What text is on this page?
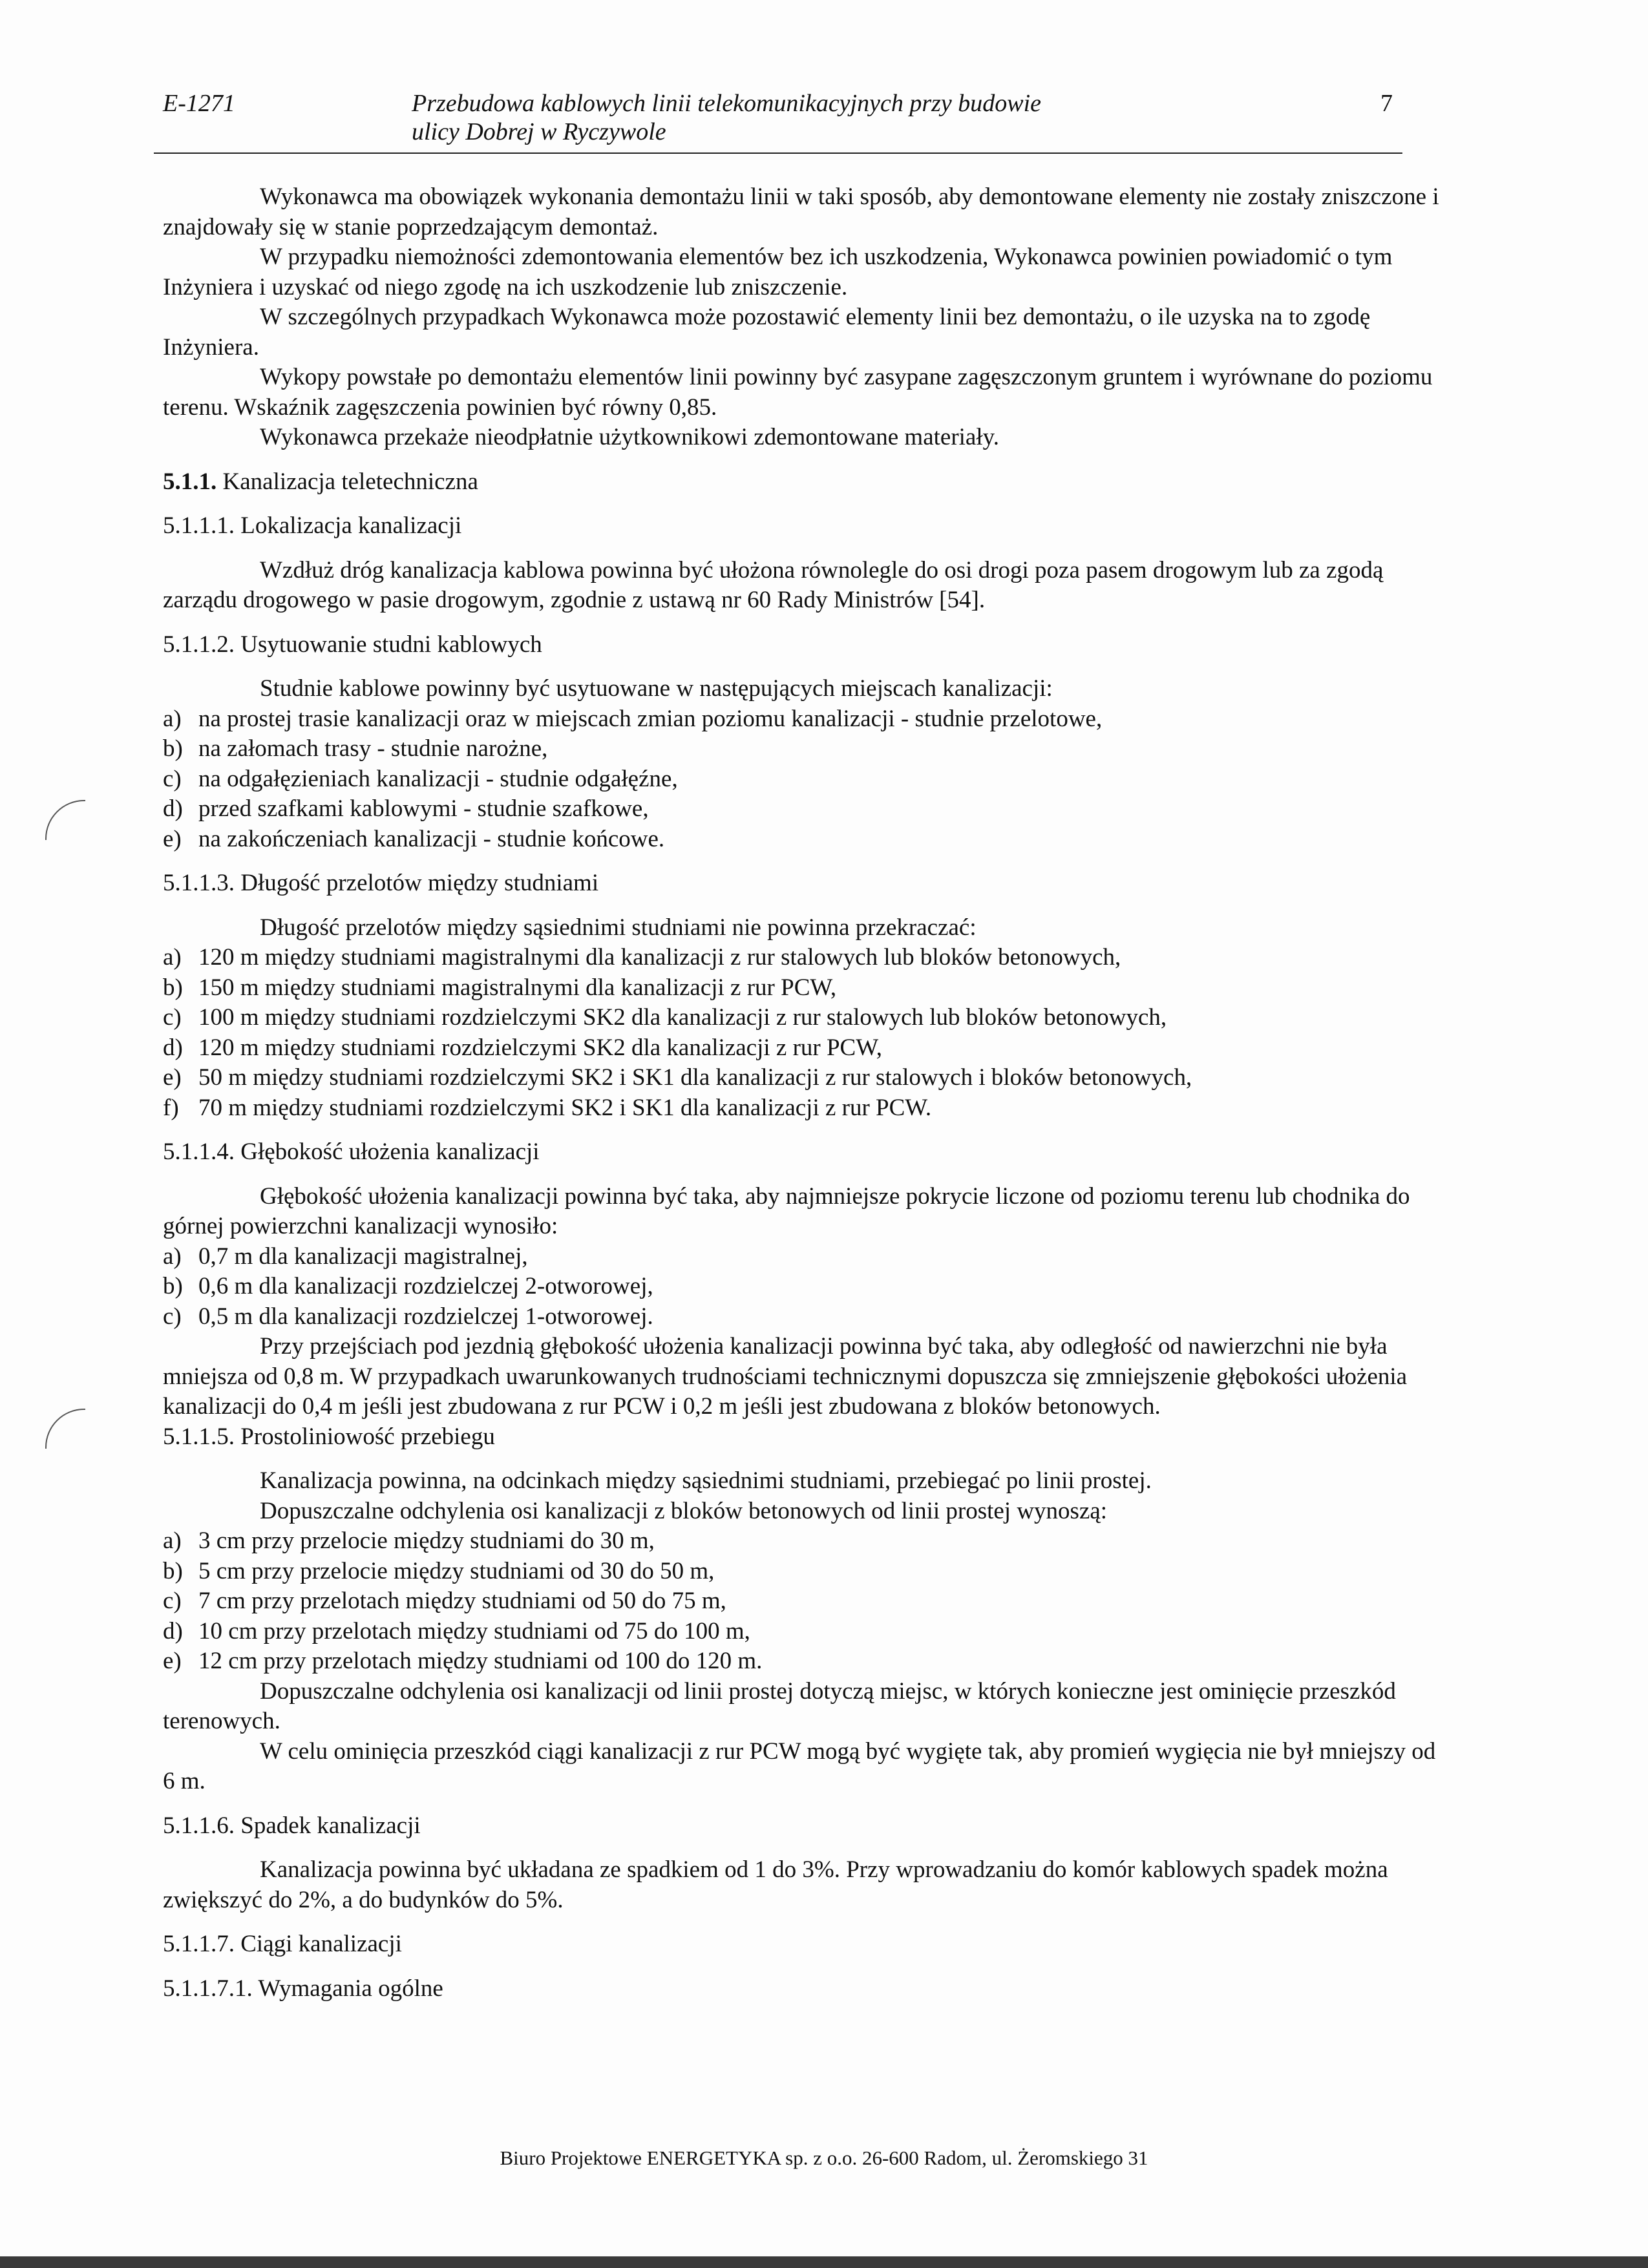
E-1271	Przebudowa kablowych linii telekomunikacyjnych przy budowie
ulicy Dobrej w Ryczywole
7

Wykonawca ma obowiązek wykonania demontażu linii w taki sposób, aby demontowane elementy nie zostały zniszczone i znajdowały się w stanie poprzedzającym demontaż.

W przypadku niemożności zdemontowania elementów bez ich uszkodzenia, Wykonawca powinien powiadomić o tym Inżyniera i uzyskać od niego zgodę na ich uszkodzenie lub zniszczenie.

W szczególnych przypadkach Wykonawca może pozostawić elementy linii bez demontażu, o ile uzyska na to zgodę Inżyniera.

Wykopy powstałe po demontażu elementów linii powinny być zasypane zagęszczonym gruntem i wyrównane do poziomu terenu. Wskaźnik zagęszczenia powinien być równy 0,85.

Wykonawca przekaże nieodpłatnie użytkownikowi zdemontowane materiały.

5.1.1. Kanalizacja teletechniczna

5.1.1.1. Lokalizacja kanalizacji

Wzdłuż dróg kanalizacja kablowa powinna być ułożona równolegle do osi drogi poza pasem drogowym lub za zgodą zarządu drogowego w pasie drogowym, zgodnie z ustawą nr 60 Rady Ministrów [54].

5.1.1.2. Usytuowanie studni kablowych

Studnie kablowe powinny być usytuowane w następujących miejscach kanalizacji:

a) na prostej trasie kanalizacji oraz w miejscach zmian poziomu kanalizacji - studnie przelotowe,
b) na załomach trasy - studnie narożne,
c) na odgałęzieniach kanalizacji - studnie odgałęźne,
d) przed szafkami kablowymi - studnie szafkowe,
e) na zakończeniach kanalizacji - studnie końcowe.

5.1.1.3. Długość przelotów między studniami

Długość przelotów między sąsiednimi studniami nie powinna przekraczać:

a) 120 m między studniami magistralnymi dla kanalizacji z rur stalowych lub bloków betonowych,
b) 150 m między studniami magistralnymi dla kanalizacji z rur PCW,
c) 100 m między studniami rozdzielczymi SK2 dla kanalizacji z rur stalowych lub bloków betonowych,
d) 120 m między studniami rozdzielczymi SK2 dla kanalizacji z rur PCW,
e) 50 m między studniami rozdzielczymi SK2 i SK1 dla kanalizacji z rur stalowych i bloków betonowych,
f) 70 m między studniami rozdzielczymi SK2 i SK1 dla kanalizacji z rur PCW.

5.1.1.4. Głębokość ułożenia kanalizacji

Głębokość ułożenia kanalizacji powinna być taka, aby najmniejsze pokrycie liczone od poziomu terenu lub chodnika do górnej powierzchni kanalizacji wynosiło:

a) 0,7 m dla kanalizacji magistralnej,
b) 0,6 m dla kanalizacji rozdzielczej 2-otworowej,
c) 0,5 m dla kanalizacji rozdzielczej 1-otworowej.

Przy przejściach pod jezdnią głębokość ułożenia kanalizacji powinna być taka, aby odległość od nawierzchni nie była mniejsza od 0,8 m. W przypadkach uwarunkowanych trudnościami technicznymi dopuszcza się zmniejszenie głębokości ułożenia kanalizacji do 0,4 m jeśli jest zbudowana z rur PCW i 0,2 m jeśli jest zbudowana z bloków betonowych.

5.1.1.5. Prostoliniowość przebiegu

Kanalizacja powinna, na odcinkach między sąsiednimi studniami, przebiegać po linii prostej.

Dopuszczalne odchylenia osi kanalizacji z bloków betonowych od linii prostej wynoszą:

a) 3 cm przy przelocie między studniami do 30 m,
b) 5 cm przy przelocie między studniami od 30 do 50 m,
c) 7 cm przy przelotach między studniami od 50 do 75 m,
d) 10 cm przy przelotach między studniami od 75 do 100 m,
e) 12 cm przy przelotach między studniami od 100 do 120 m.

Dopuszczalne odchylenia osi kanalizacji od linii prostej dotyczą miejsc, w których konieczne jest ominięcie przeszkód terenowych.

W celu ominięcia przeszkód ciągi kanalizacji z rur PCW mogą być wygięte tak, aby promień wygięcia nie był mniejszy od 6 m.

5.1.1.6. Spadek kanalizacji

Kanalizacja powinna być układana ze spadkiem od 1 do 3%. Przy wprowadzaniu do komór kablowych spadek można zwiększyć do 2%, a do budynków do 5%.

5.1.1.7. Ciągi kanalizacji

5.1.1.7.1. Wymagania ogólne

Biuro Projektowe ENERGETYKA sp. z o.o. 26-600 Radom, ul. Żeromskiego 31
